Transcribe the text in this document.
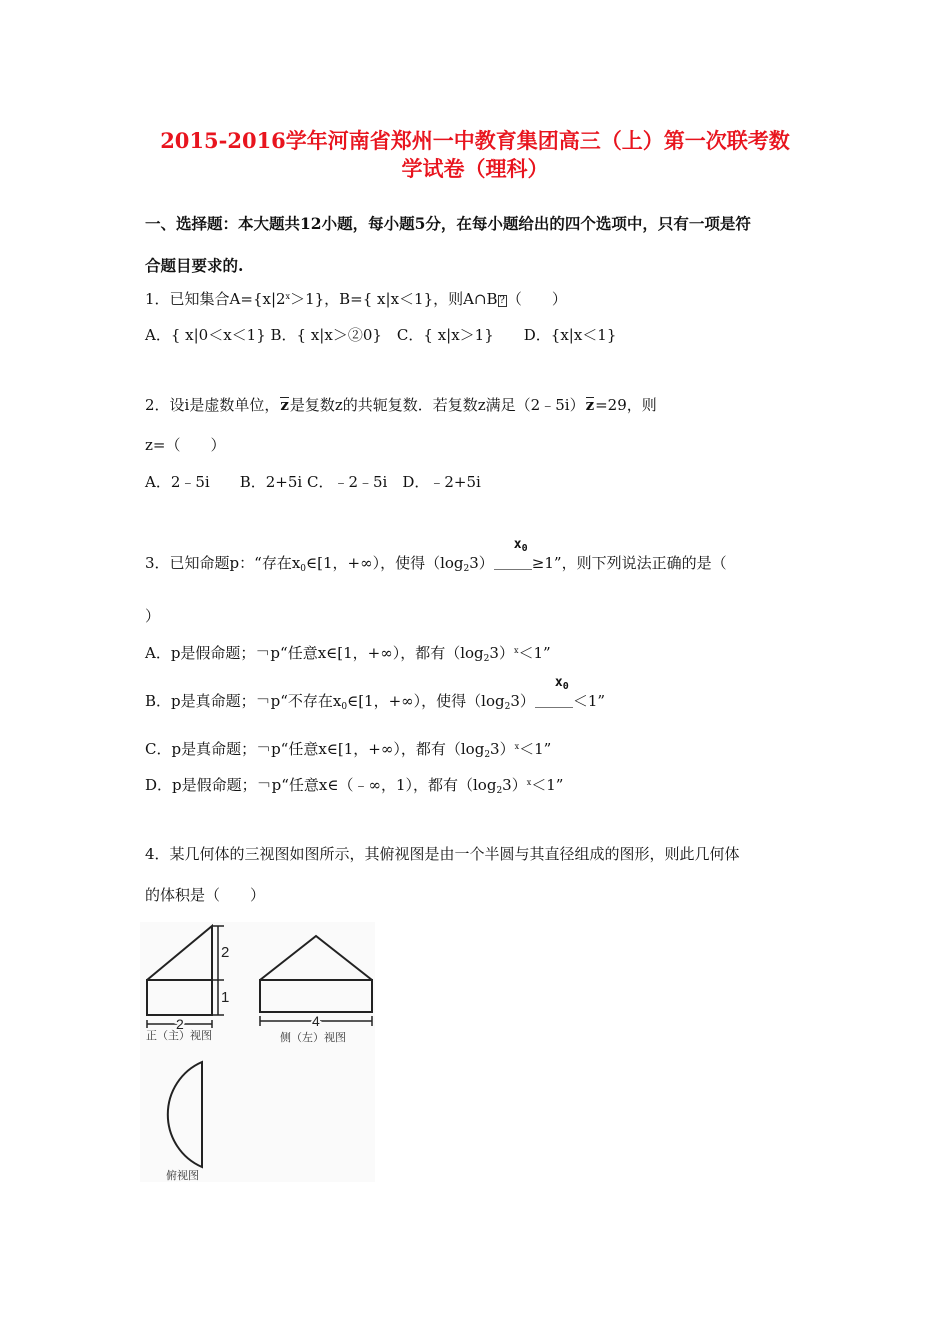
2015-2016学年河南省郑州一中教育集团高三（上）第一次联考数
学试卷（理科）
一、选择题：本大题共12小题，每小题5分，在每小题给出的四个选项中，只有一项是符
合题目要求的.
1．已知集合$A=\{x|2^x>1\}$，B={ x|x＜1}，则A∩B ? （　　）
A．{ x|0＜x＜1} B．{ x|x＞②0}　C．{ x|x＞1}　　D．{x|x＜1}
2．设i是虚数单位，z是复数z的共轭复数．若复数z满足（2﹣5i）z=29，则
z=（　　）
A．2﹣5i　　B．2+5i C．﹣2﹣5i　D．﹣2+5i
3．已知命题p：“存在$x_0\in[1$，+∞），使得$(\log_23)$
$x_0$
≥1”，则下列说法正确的是（
）
A．p是假命题；￢p“任意x∈[1，+∞），都有$(\log_23)^x<1$”
B．p是真命题；￢p“不存在$x_0\in[1$，+∞），使得$(\log_23)$
$x_0$
＜1”
C．p是真命题；￢p“任意x∈[1，+∞），都有$(\log_23)^x<1$”
D．p是假命题；￢p“任意x∈（﹣∞，1），都有$(\log_23)^x<1$”
4．某几何体的三视图如图所示，其俯视图是由一个半圆与其直径组成的图形，则此几何体
的体积是（　　）
2
1
2
正（主）视图
4
侧（左）视图
俯视图
